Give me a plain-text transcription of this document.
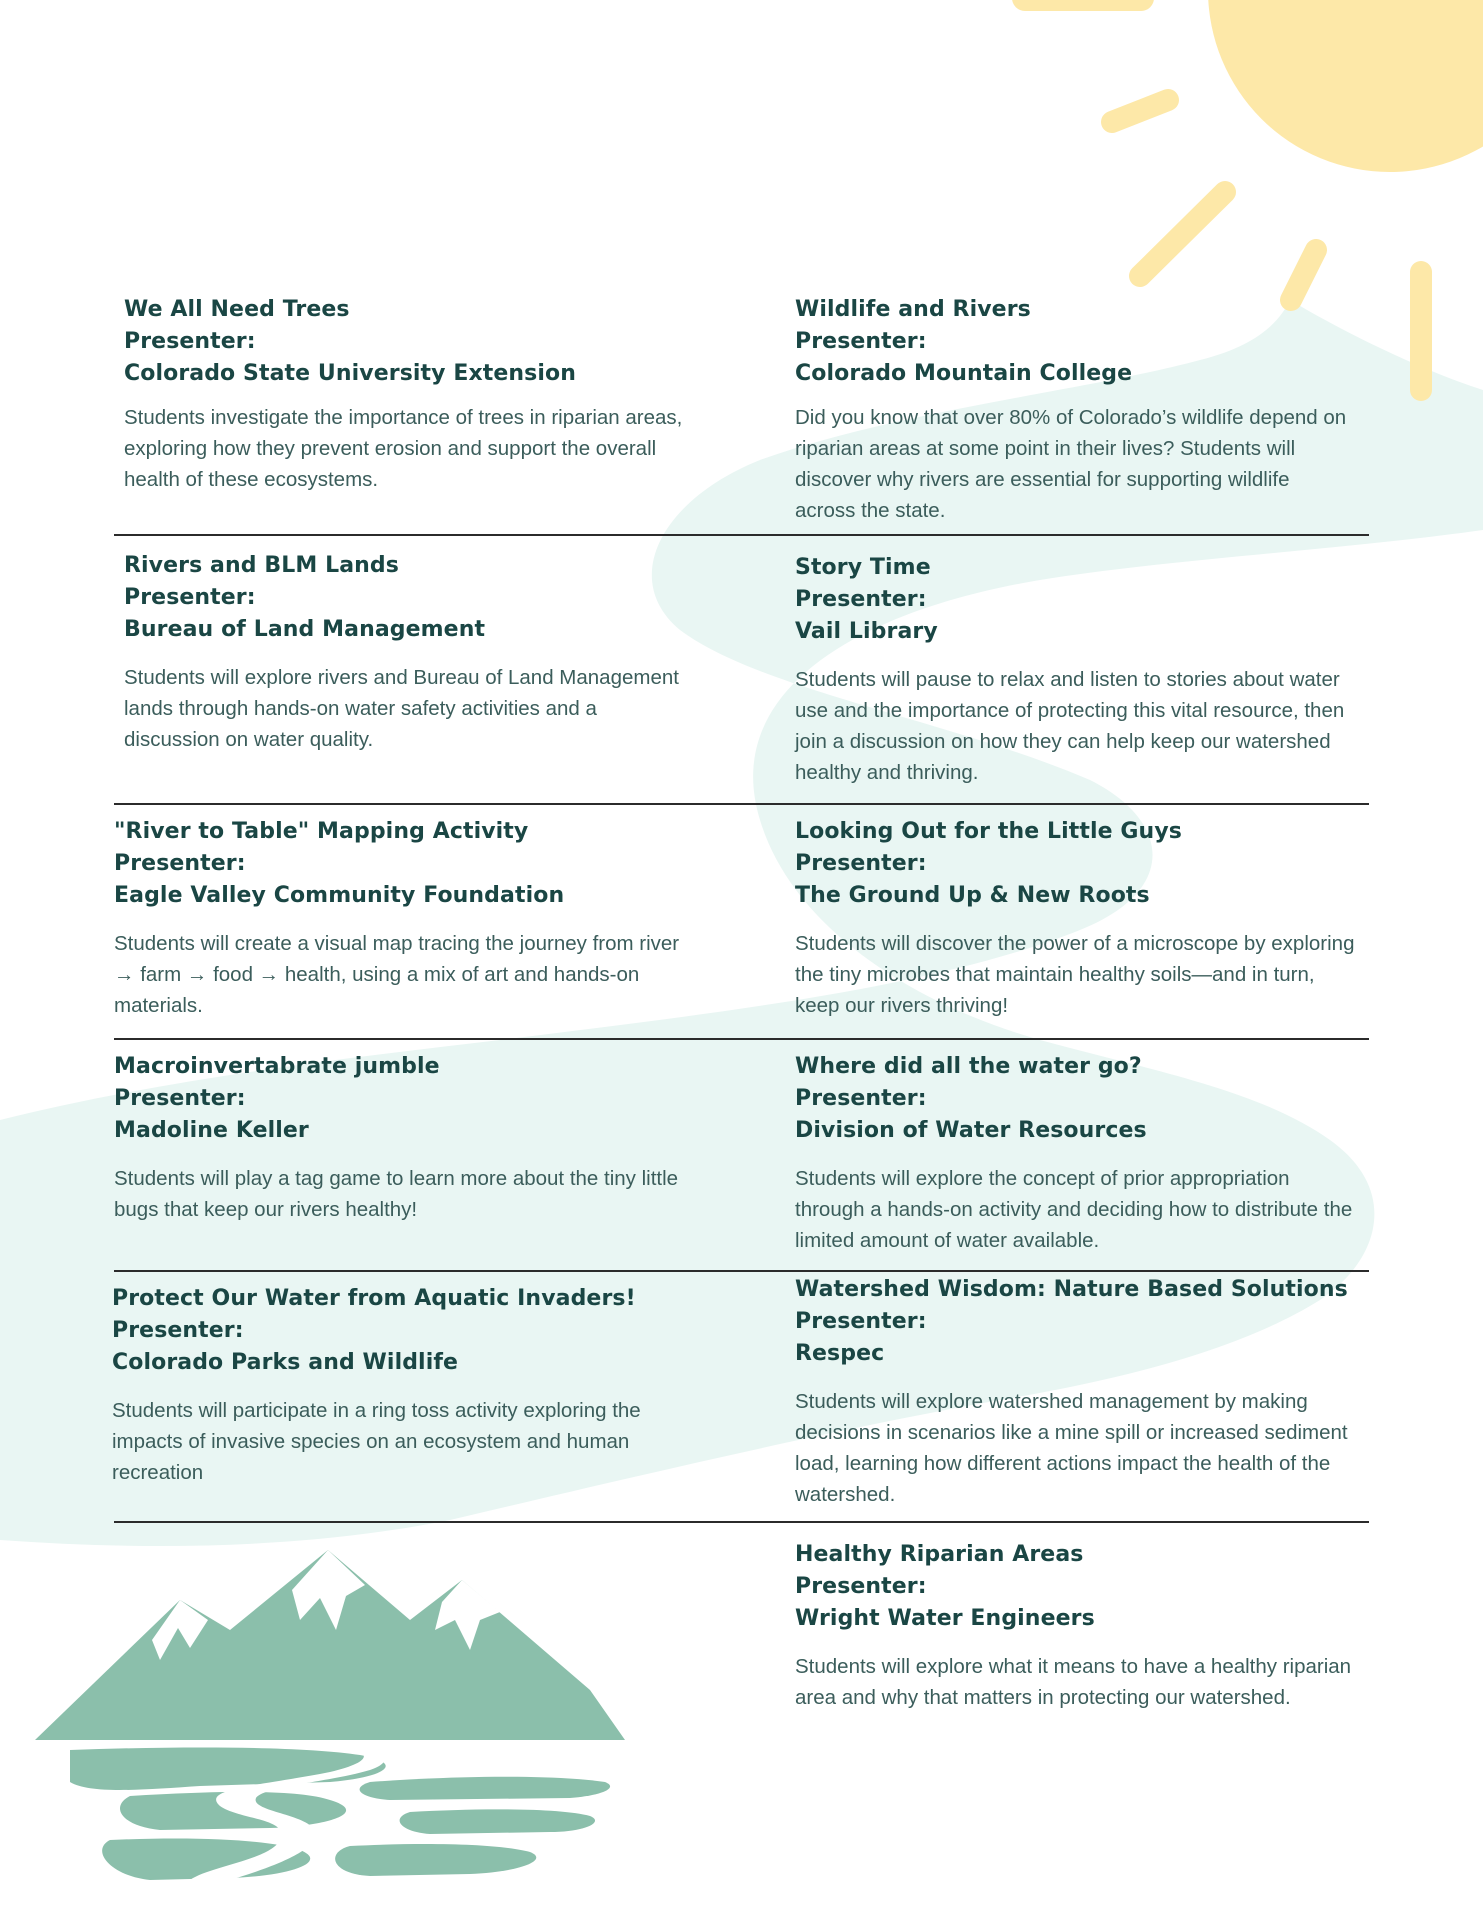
We All Need Trees
Presenter:
Colorado State University Extension
Students investigate the importance of trees in riparian areas, exploring how they prevent erosion and support the overall health of these ecosystems.
Wildlife and Rivers
Presenter:
Colorado Mountain College
Did you know that over 80% of Colorado’s wildlife depend on riparian areas at some point in their lives? Students will discover why rivers are essential for supporting wildlife across the state.
Rivers and BLM Lands
Presenter:
Bureau of Land Management
Students will explore rivers and Bureau of Land Management lands through hands-on water safety activities and a discussion on water quality.
Story Time
Presenter:
Vail Library
Students will pause to relax and listen to stories about water use and the importance of protecting this vital resource, then join a discussion on how they can help keep our watershed healthy and thriving.
"River to Table" Mapping Activity
Presenter:
Eagle Valley Community Foundation
Students will create a visual map tracing the journey from river → farm → food → health, using a mix of art and hands-on materials.
Looking Out for the Little Guys
Presenter:
The Ground Up & New Roots
Students will discover the power of a microscope by exploring the tiny microbes that maintain healthy soils—and in turn, keep our rivers thriving!
Macroinvertabrate jumble
Presenter:
Madoline Keller
Students will play a tag game to learn more about the tiny little bugs that keep our rivers healthy!
Where did all the water go?
Presenter:
Division of Water Resources
Students will explore the concept of prior appropriation through a hands-on activity and deciding how to distribute the limited amount of water available.
Protect Our Water from Aquatic Invaders!
Presenter:
Colorado Parks and Wildlife
Students will participate in a ring toss activity exploring the impacts of invasive species on an ecosystem and human recreation
Watershed Wisdom: Nature Based Solutions
Presenter:
Respec
Students will explore watershed management by making decisions in scenarios like a mine spill or increased sediment load, learning how different actions impact the health of the watershed.
Healthy Riparian Areas
Presenter:
Wright Water Engineers
Students will explore what it means to have a healthy riparian area and why that matters in protecting our watershed.
